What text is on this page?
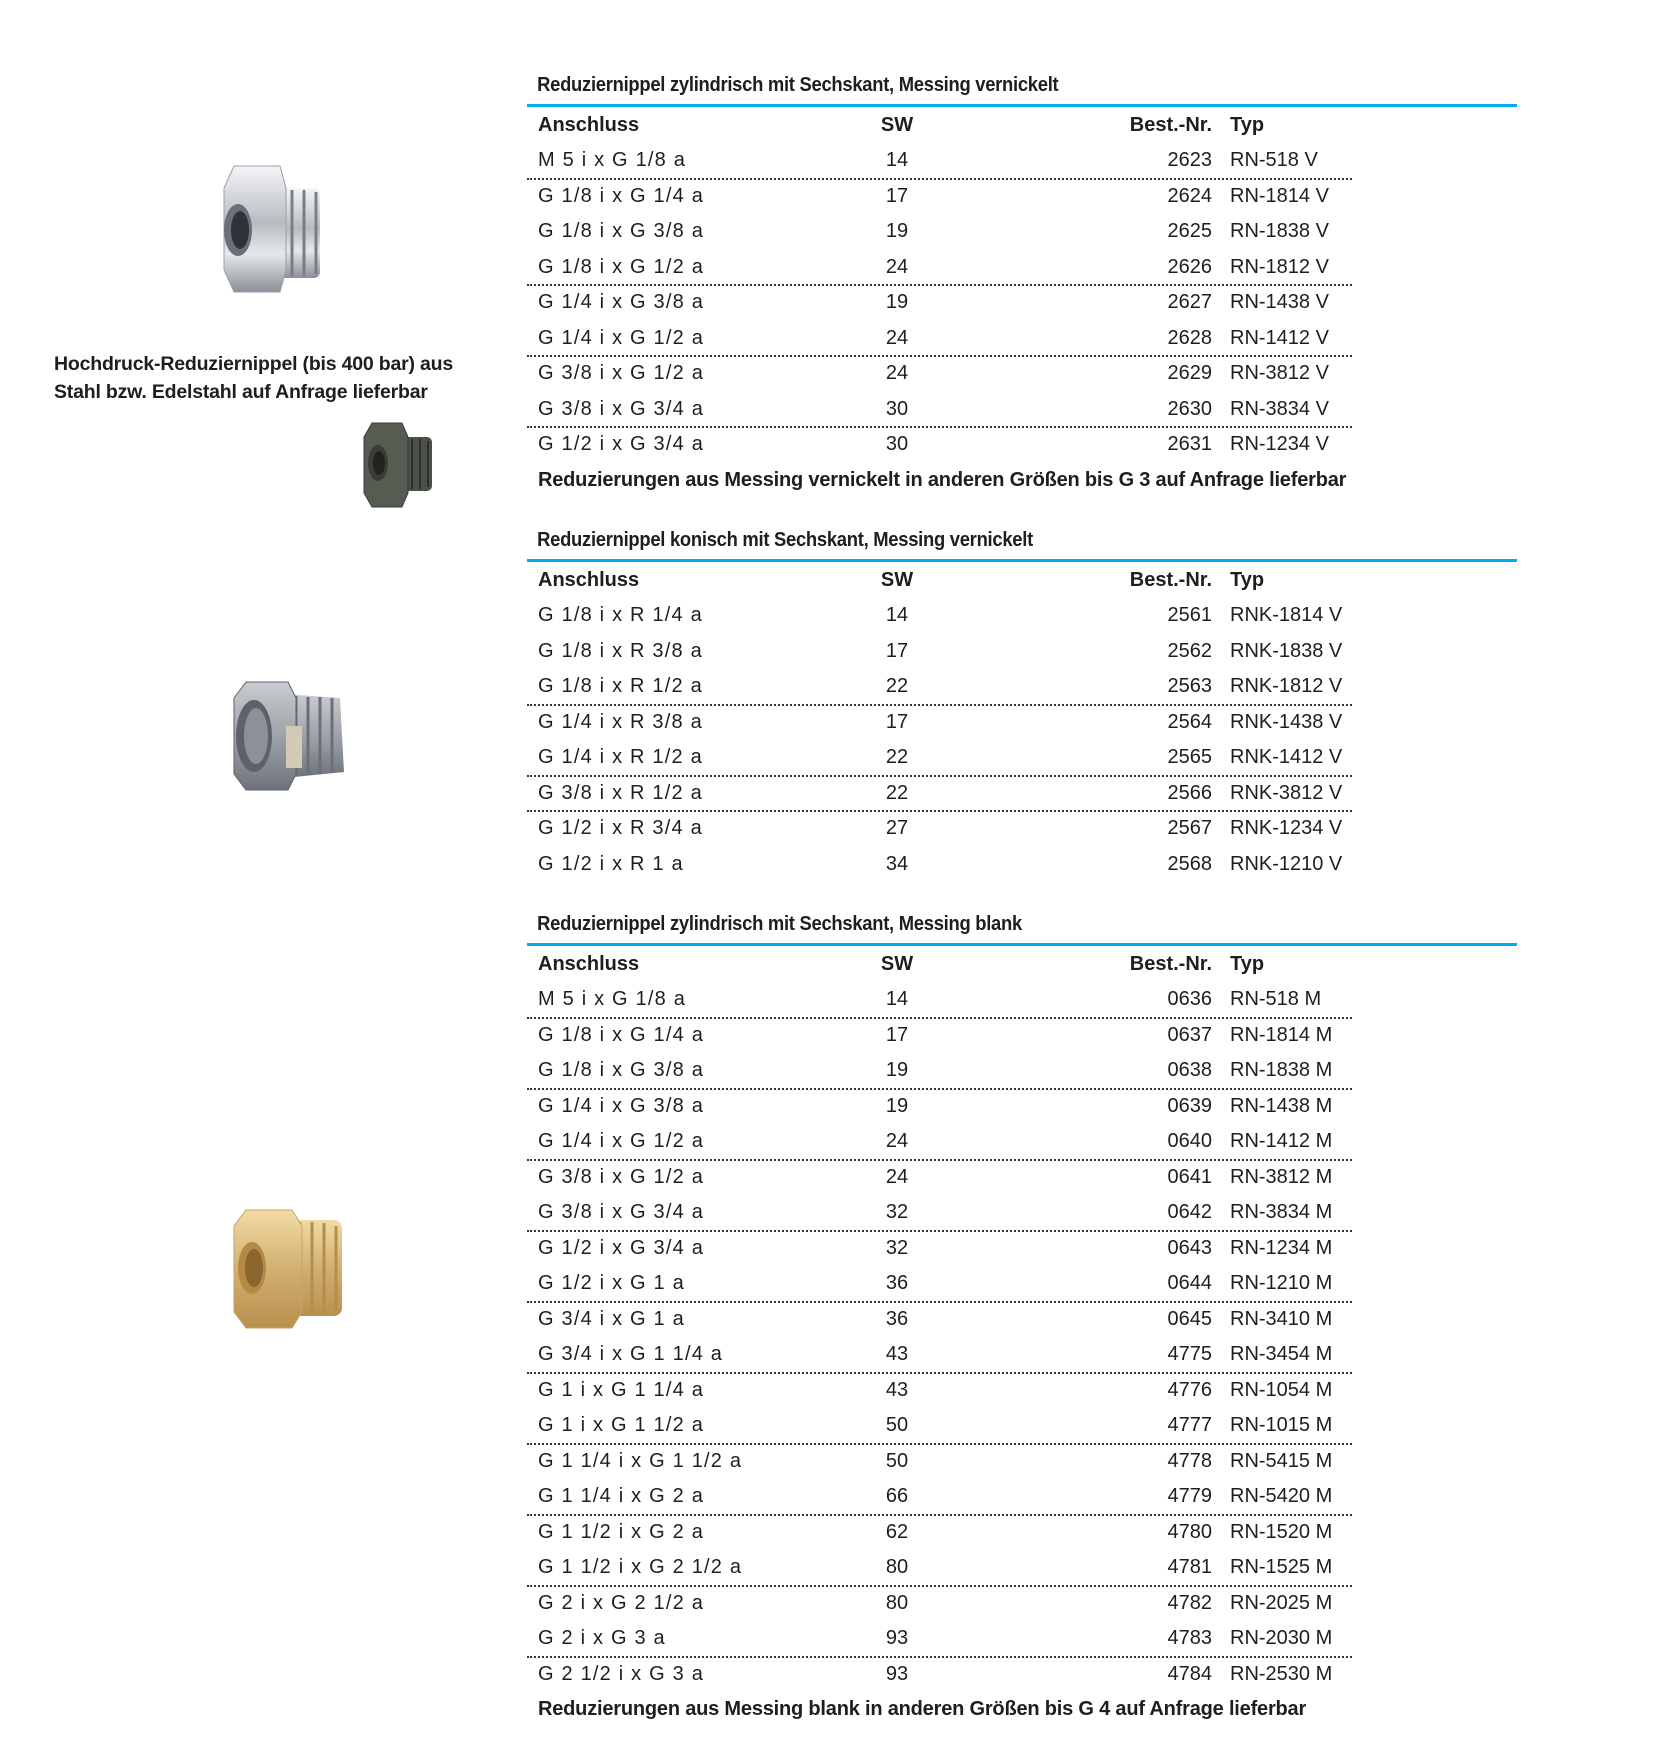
Hochdruck-Reduziernippel (bis 400 bar) aus
Stahl bzw. Edelstahl auf Anfrage lieferbar
Reduziernippel zylindrisch mit Sechskant, Messing vernickelt
Anschluss	SW	Best.-Nr. Typ
M 5 i x G 1/8 a	14	2623 RN-518 V
G 1/8 i x G 1/4 a	17	2624 RN-1814 V
G 1/8 i x G 3/8 a	19	2625 RN-1838 V
G 1/8 i x G 1/2 a	24	2626 RN-1812 V
G 1/4 i x G 3/8 a	19	2627 RN-1438 V
G 1/4 i x G 1/2 a	24	2628 RN-1412 V
G 3/8 i x G 1/2 a	24	2629 RN-3812 V
G 3/8 i x G 3/4 a	30	2630 RN-3834 V
G 1/2 i x G 3/4 a	30	2631 RN-1234 V
Reduzierungen aus Messing vernickelt in anderen Größen bis G 3 auf Anfrage lieferbar
Reduziernippel konisch mit Sechskant, Messing vernickelt
Anschluss	SW	Best.-Nr. Typ
G 1/8 i x R 1/4 a	14	2561 RNK-1814 V
G 1/8 i x R 3/8 a	17	2562 RNK-1838 V
G 1/8 i x R 1/2 a	22	2563 RNK-1812 V
G 1/4 i x R 3/8 a	17	2564 RNK-1438 V
G 1/4 i x R 1/2 a	22	2565 RNK-1412 V
G 3/8 i x R 1/2 a	22	2566 RNK-3812 V
G 1/2 i x R 3/4 a	27	2567 RNK-1234 V
G 1/2 i x R 1 a	34	2568 RNK-1210 V
Reduziernippel zylindrisch mit Sechskant, Messing blank
Anschluss	SW	Best.-Nr. Typ
M 5 i x G 1/8 a	14	0636 RN-518 M
G 1/8 i x G 1/4 a	17	0637 RN-1814 M
G 1/8 i x G 3/8 a	19	0638 RN-1838 M
G 1/4 i x G 3/8 a	19	0639 RN-1438 M
G 1/4 i x G 1/2 a	24	0640 RN-1412 M
G 3/8 i x G 1/2 a	24	0641 RN-3812 M
G 3/8 i x G 3/4 a	32	0642 RN-3834 M
G 1/2 i x G 3/4 a	32	0643 RN-1234 M
G 1/2 i x G 1 a	36	0644 RN-1210 M
G 3/4 i x G 1 a	36	0645 RN-3410 M
G 3/4 i x G 1 1/4 a	43	4775 RN-3454 M
G 1 i x G 1 1/4 a	43	4776 RN-1054 M
G 1 i x G 1 1/2 a	50	4777 RN-1015 M
G 1 1/4 i x G 1 1/2 a	50	4778 RN-5415 M
G 1 1/4 i x G 2 a	66	4779 RN-5420 M
G 1 1/2 i x G 2 a	62	4780 RN-1520 M
G 1 1/2 i x G 2 1/2 a	80	4781 RN-1525 M
G 2 i x G 2 1/2 a	80	4782 RN-2025 M
G 2 i x G 3 a	93	4783 RN-2030 M
G 2 1/2 i x G 3 a	93	4784 RN-2530 M
Reduzierungen aus Messing blank in anderen Größen bis G 4 auf Anfrage lieferbar
